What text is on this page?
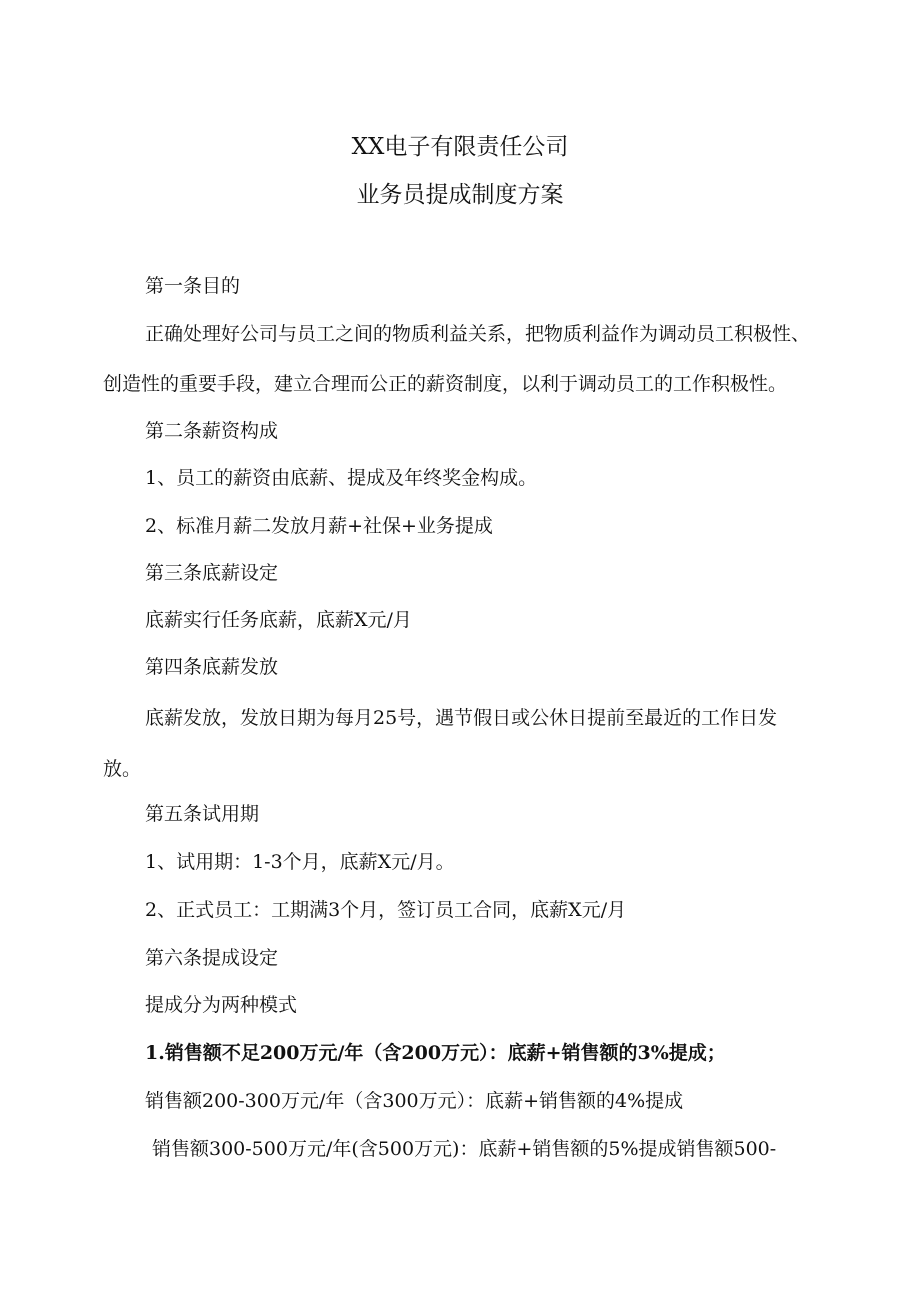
XX电子有限责任公司
业务员提成制度方案
第一条目的
正确处理好公司与员工之间的物质利益关系，把物质利益作为调动员工积极性、
创造性的重要手段，建立合理而公正的薪资制度，以利于调动员工的工作积极性。
第二条薪资构成
1、员工的薪资由底薪、提成及年终奖金构成。
2、标准月薪二发放月薪+社保+业务提成
第三条底薪设定
底薪实行任务底薪，底薪X元/月
第四条底薪发放
底薪发放，发放日期为每月25号，遇节假日或公休日提前至最近的工作日发
放。
第五条试用期
1、试用期：1-3个月，底薪X元/月。
2、正式员工：工期满3个月，签订员工合同，底薪X元/月
第六条提成设定
提成分为两种模式
1.销售额不足200万元/年（含200万元）：底薪+销售额的3%提成；
销售额200-300万元/年（含300万元）：底薪+销售额的4%提成
销售额300-500万元/年(含500万元)：底薪+销售额的5%提成销售额500-
